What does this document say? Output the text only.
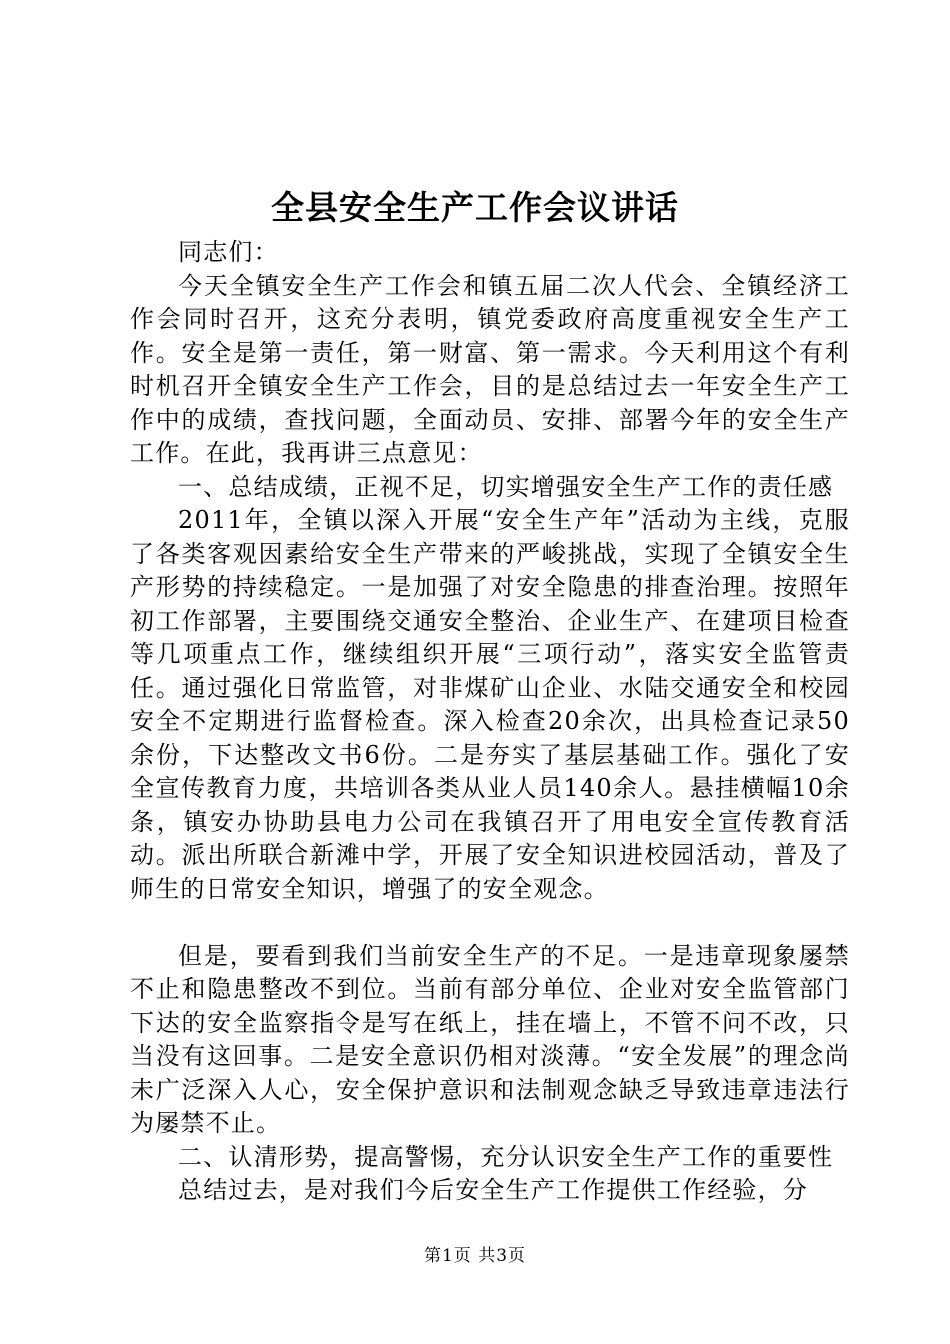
全县安全生产工作会议讲话

同志们：

今天全镇安全生产工作会和镇五届二次人代会、全镇经济工作会同时召开，这充分表明，镇党委政府高度重视安全生产工作。安全是第一责任，第一财富、第一需求。今天利用这个有利时机召开全镇安全生产工作会，目的是总结过去一年安全生产工作中的成绩，查找问题，全面动员、安排、部署今年的安全生产工作。在此，我再讲三点意见：

一、总结成绩，正视不足，切实增强安全生产工作的责任感

2011年，全镇以深入开展“安全生产年”活动为主线，克服了各类客观因素给安全生产带来的严峻挑战，实现了全镇安全生产形势的持续稳定。一是加强了对安全隐患的排查治理。按照年初工作部署，主要围绕交通安全整治、企业生产、在建项目检查等几项重点工作，继续组织开展“三项行动”，落实安全监管责任。通过强化日常监管，对非煤矿山企业、水陆交通安全和校园安全不定期进行监督检查。深入检查20余次，出具检查记录50余份，下达整改文书6份。二是夯实了基层基础工作。强化了安全宣传教育力度，共培训各类从业人员140余人。悬挂横幅10余条，镇安办协助县电力公司在我镇召开了用电安全宣传教育活动。派出所联合新滩中学，开展了安全知识进校园活动，普及了师生的日常安全知识，增强了的安全观念。

但是，要看到我们当前安全生产的不足。一是违章现象屡禁不止和隐患整改不到位。当前有部分单位、企业对安全监管部门下达的安全监察指令是写在纸上，挂在墙上，不管不问不改，只当没有这回事。二是安全意识仍相对淡薄。“安全发展”的理念尚未广泛深入人心，安全保护意识和法制观念缺乏导致违章违法行为屡禁不止。

二、认清形势，提高警惕，充分认识安全生产工作的重要性

总结过去，是对我们今后安全生产工作提供工作经验，分

第1页 共3页
